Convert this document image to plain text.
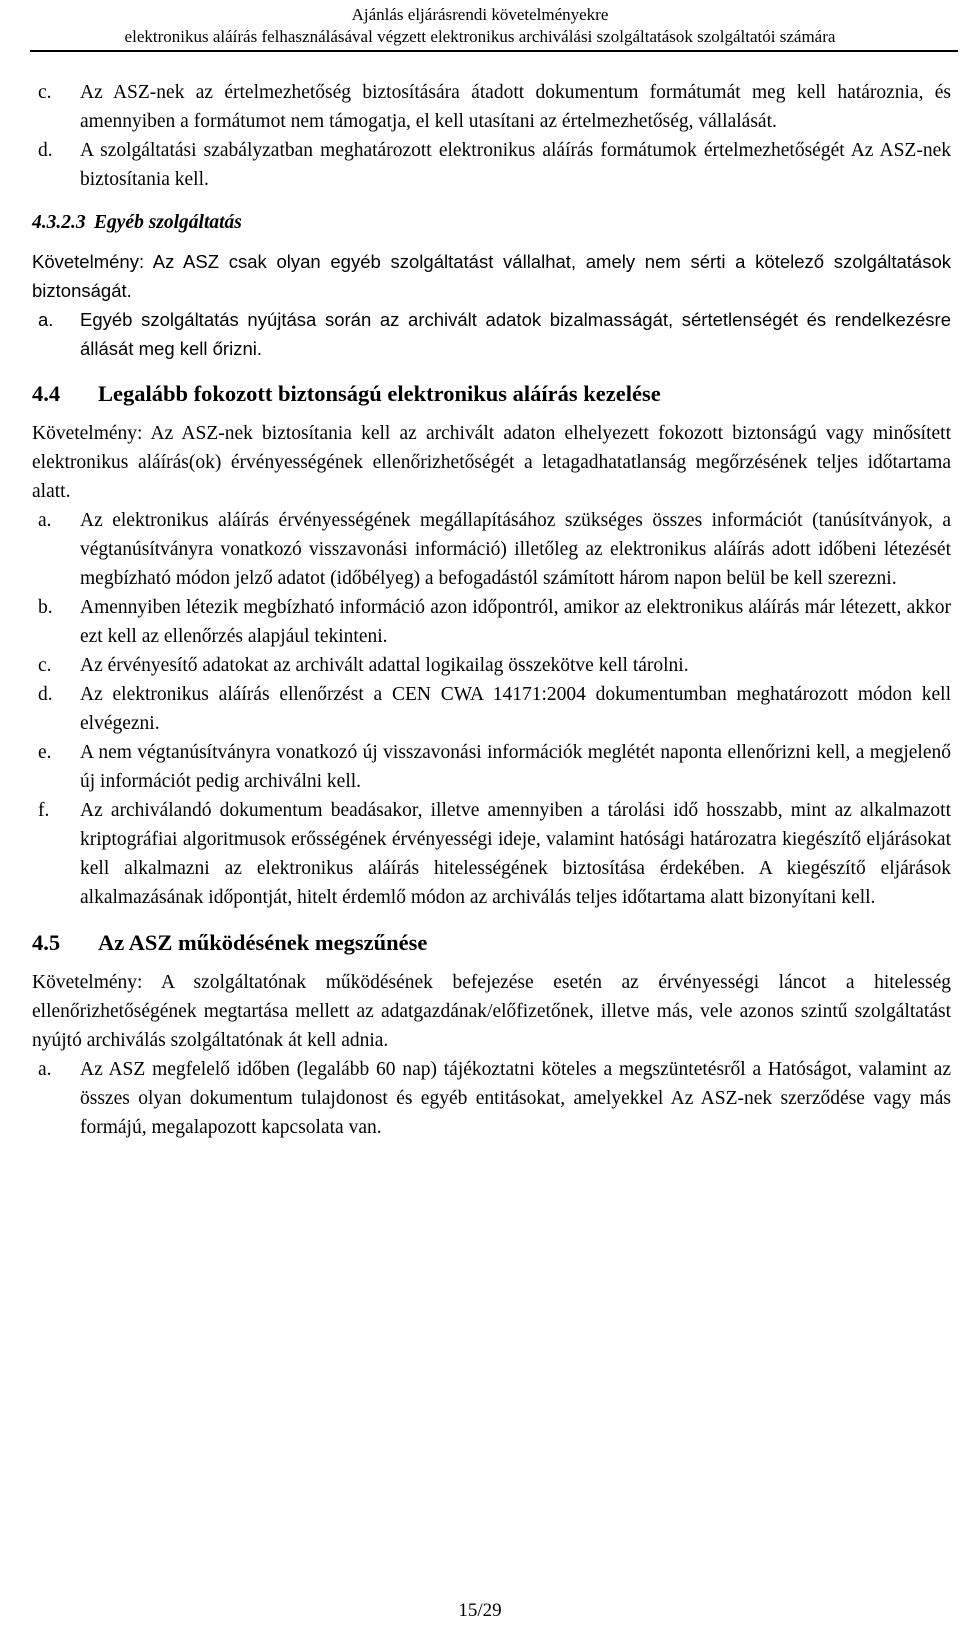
Ajánlás eljárásrendi követelményekre
elektronikus aláírás felhasználásával végzett elektronikus archiválási szolgáltatások szolgáltatói számára
c. Az ASZ-nek az értelmezhetőség biztosítására átadott dokumentum formátumát meg kell határoznia, és amennyiben a formátumot nem támogatja, el kell utasítani az értelmezhetőség, vállalását.
d. A szolgáltatási szabályzatban meghatározott elektronikus aláírás formátumok értelmezhetőségét Az ASZ-nek biztosítania kell.
4.3.2.3 Egyéb szolgáltatás
Követelmény: Az ASZ csak olyan egyéb szolgáltatást vállalhat, amely nem sérti a kötelező szolgáltatások biztonságát.
a. Egyéb szolgáltatás nyújtása során az archivált adatok bizalmasságát, sértetlenségét és rendelkezésre állását meg kell őrizni.
4.4 Legalább fokozott biztonságú elektronikus aláírás kezelése
Követelmény: Az ASZ-nek biztosítania kell az archivált adaton elhelyezett fokozott biztonságú vagy minősített elektronikus aláírás(ok) érvényességének ellenőrizhetőségét a letagadhatatlanság megőrzésének teljes időtartama alatt.
a. Az elektronikus aláírás érvényességének megállapításához szükséges összes információt (tanúsítványok, a végtanúsítványra vonatkozó visszavonási információ) illetőleg az elektronikus aláírás adott időbeni létezését megbízható módon jelző adatot (időbélyeg) a befogadástól számított három napon belül be kell szerezni.
b. Amennyiben létezik megbízható információ azon időpontról, amikor az elektronikus aláírás már létezett, akkor ezt kell az ellenőrzés alapjául tekinteni.
c. Az érvényesítő adatokat az archivált adattal logikailag összekötve kell tárolni.
d. Az elektronikus aláírás ellenőrzést a CEN CWA 14171:2004 dokumentumban meghatározott módon kell elvégezni.
e. A nem végtanúsítványra vonatkozó új visszavonási információk meglétét naponta ellenőrizni kell, a megjelenő új információt pedig archiválni kell.
f. Az archiválandó dokumentum beadásakor, illetve amennyiben a tárolási idő hosszabb, mint az alkalmazott kriptográfiai algoritmusok erősségének érvényességi ideje, valamint hatósági határozatra kiegészítő eljárásokat kell alkalmazni az elektronikus aláírás hitelességének biztosítása érdekében. A kiegészítő eljárások alkalmazásának időpontját, hitelt érdemlő módon az archiválás teljes időtartama alatt bizonyítani kell.
4.5 Az ASZ működésének megszűnése
Követelmény: A szolgáltatónak működésének befejezése esetén az érvényességi láncot a hitelesség ellenőrizhetőségének megtartása mellett az adatgazdának/előfizetőnek, illetve más, vele azonos szintű szolgáltatást nyújtó archiválás szolgáltatónak át kell adnia.
a. Az ASZ megfelelő időben (legalább 60 nap) tájékoztatni köteles a megszüntetésről a Hatóságot, valamint az összes olyan dokumentum tulajdonost és egyéb entitásokat, amelyekkel Az ASZ-nek szerződése vagy más formájú, megalapozott kapcsolata van.
15/29
